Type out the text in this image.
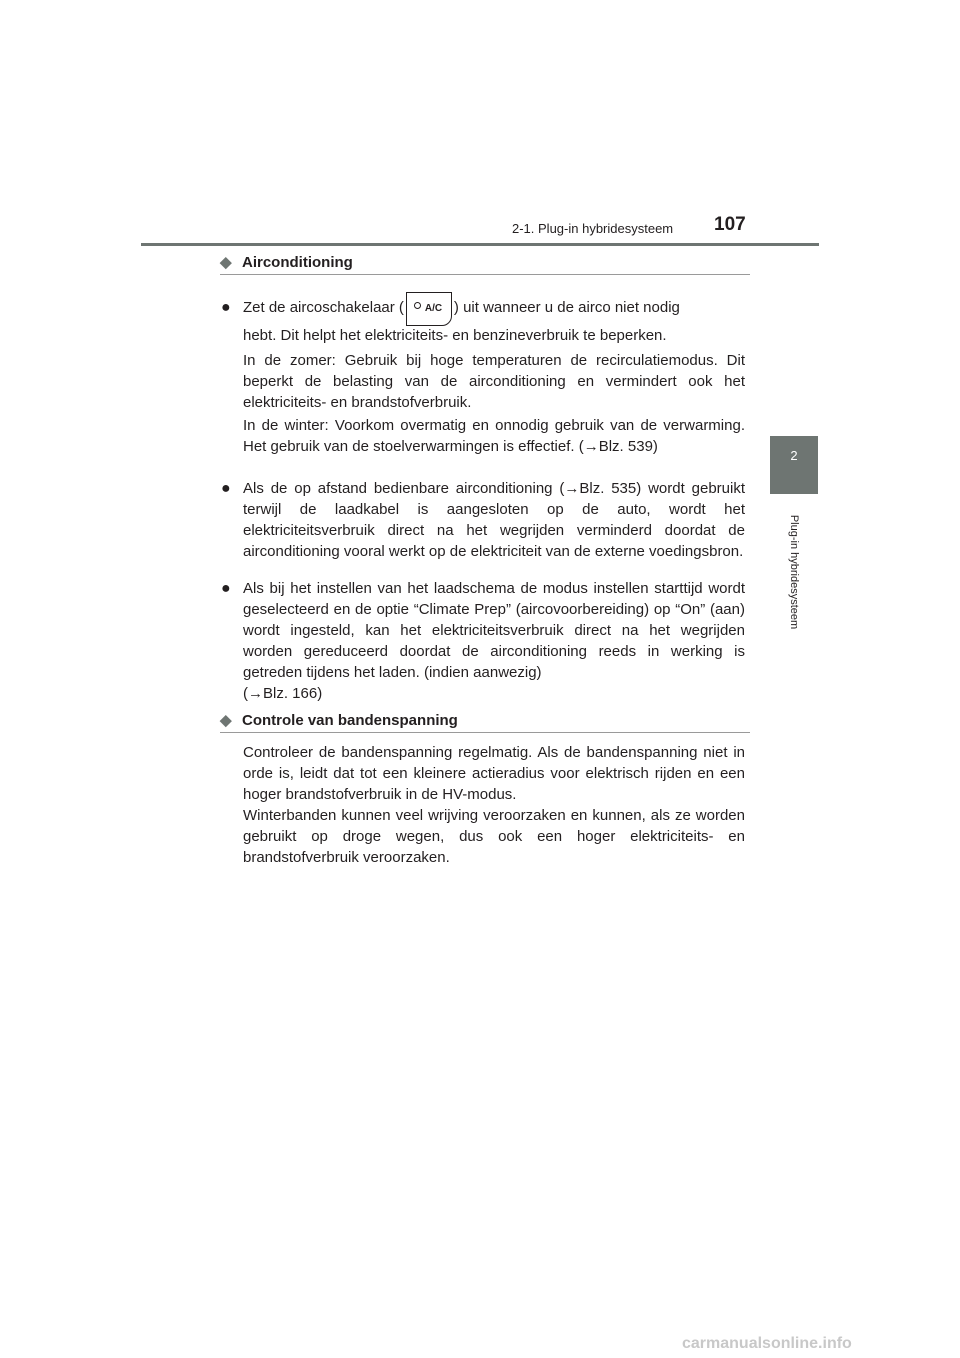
2-1. Plug-in hybridesysteem 107
2
Plug-in hybridesysteem
◆ Airconditioning
● Zet de aircoschakelaar ( A/C ) uit wanneer u de airco niet nodig

hebt. Dit helpt het elektriciteits- en benzineverbruik te beperken.

In de zomer: Gebruik bij hoge temperaturen de recirculatiemodus. Dit beperkt de belasting van de airconditioning en vermindert ook het elektriciteits- en brandstofverbruik.

In de winter: Voorkom overmatig en onnodig gebruik van de verwarming. Het gebruik van de stoelverwarmingen is effectief. (→Blz. 539)

● Als de op afstand bedienbare airconditioning (→Blz. 535) wordt gebruikt terwijl de laadkabel is aangesloten op de auto, wordt het elektriciteitsverbruik direct na het wegrijden verminderd doordat de airconditioning vooral werkt op de elektriciteit van de externe voedingsbron.

● Als bij het instellen van het laadschema de modus instellen starttijd wordt geselecteerd en de optie “Climate Prep” (aircovoorbereiding) op “On” (aan) wordt ingesteld, kan het elektriciteitsverbruik direct na het wegrijden worden gereduceerd doordat de airconditioning reeds in werking is getreden tijdens het laden. (indien aanwezig)

(→Blz. 166)

◆ Controle van bandenspanning

Controleer de bandenspanning regelmatig. Als de bandenspanning niet in orde is, leidt dat tot een kleinere actieradius voor elektrisch rijden en een hoger brandstofverbruik in de HV-modus.

Winterbanden kunnen veel wrijving veroorzaken en kunnen, als ze worden gebruikt op droge wegen, dus ook een hoger elektriciteits- en brandstofverbruik veroorzaken.

carmanualsonline.info
